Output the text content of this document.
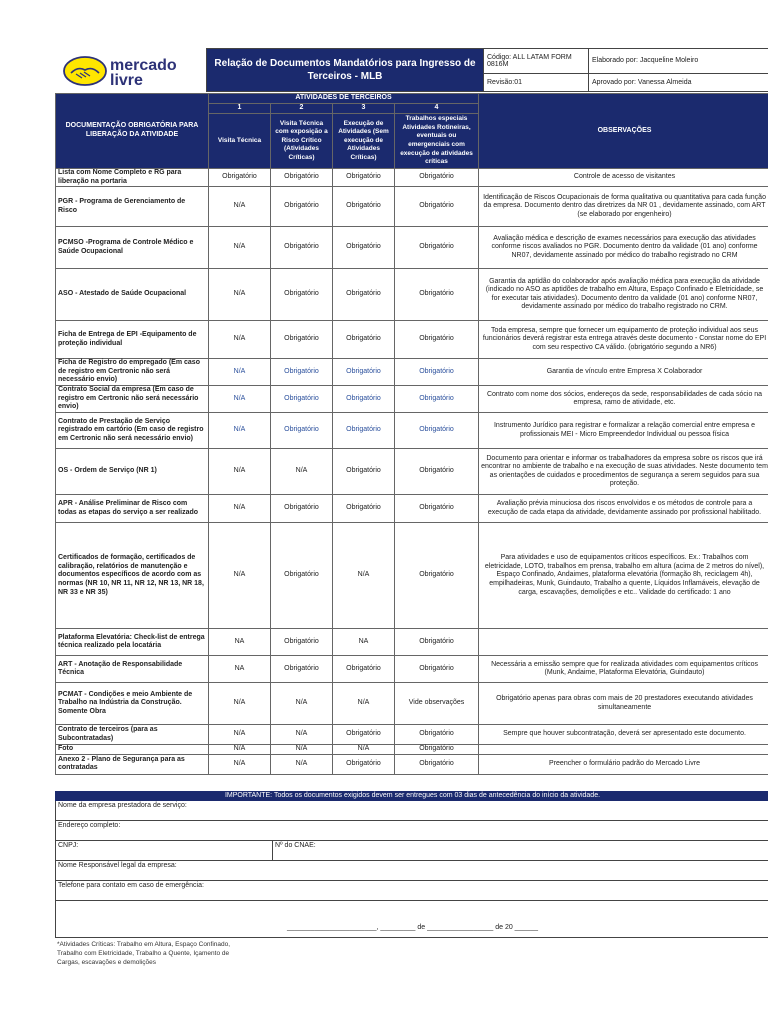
mercado
livre
Relação de Documentos Mandatórios para Ingresso de Terceiros - MLB	Código: ALL LATAM FORM 0816M	Elaborado por: Jacqueline Moleiro
	Revisão:01	Aprovado por: Vanessa Almeida
DOCUMENTAÇÃO OBRIGATÓRIA PARA LIBERAÇÃO DA ATIVIDADE	ATIVIDADES DE TERCEIROS				OBSERVAÇÕES
	1	2	3	4	
	Visita Técnica	Visita Técnica com exposição a Risco Crítico (Atividades Críticas)	Execução de Atividades (Sem execução de Atividades Críticas)	Trabalhos especiais Atividades Rotineiras, eventuais ou emergenciais com execução de atividades críticas	
Lista com Nome Completo e RG para liberação na portaria	Obrigatório	Obrigatório	Obrigatório	Obrigatório	Controle de acesso de visitantes
PGR - Programa de Gerenciamento de Risco	N/A	Obrigatório	Obrigatório	Obrigatório	Identificação de Riscos Ocupacionais de forma qualitativa ou quantitativa para cada função da empresa. Documento dentro das diretrizes da NR 01 , devidamente assinado, com ART (se elaborado por engenheiro)
PCMSO -Programa de Controle Médico e Saúde Ocupacional	N/A	Obrigatório	Obrigatório	Obrigatório	Avaliação médica e descrição de exames necessários para execução das atividades conforme riscos avaliados no PGR. Documento dentro da validade (01 ano) conforme NR07, devidamente assinado por médico do trabalho registrado no CRM
ASO - Atestado de Saúde Ocupacional	N/A	Obrigatório	Obrigatório	Obrigatório	Garantia da aptidão do colaborador após avaliação médica para execução da atividade (indicado no ASO as aptidões de trabalho em Altura, Espaço Confinado e Eletricidade, se for executar tais atividades). Documento dentro da validade (01 ano) conforme NR07, devidamente assinado por médico do trabalho registrado no CRM.
Ficha de Entrega de EPI -Equipamento de proteção individual	N/A	Obrigatório	Obrigatório	Obrigatório	Toda empresa, sempre que fornecer um equipamento de proteção individual aos seus funcionários deverá registrar esta entrega através deste documento - Constar nome do EPI com seu respectivo CA válido. (obrigatório segundo a NR6)
Ficha de Registro do empregado (Em caso de registro em Certronic não será necessário envio)	N/A	Obrigatório	Obrigatório	Obrigatório	Garantia de vínculo entre Empresa X Colaborador
Contrato Social da empresa (Em caso de registro em Certronic não será necessário envio)	N/A	Obrigatório	Obrigatório	Obrigatório	Contrato com nome dos sócios, endereços da sede, responsabilidades de cada sócio na empresa, ramo de atividade, etc.
Contrato de Prestação de Serviço registrado em cartório (Em caso de registro em Certronic não será necessário envio)	N/A	Obrigatório	Obrigatório	Obrigatório	Instrumento Jurídico para registrar e formalizar a relação comercial entre empresa e profissionais MEI - Micro Empreendedor Individual ou pessoa física
OS - Ordem de Serviço (NR 1)	N/A	N/A	Obrigatório	Obrigatório	Documento para orientar e informar os trabalhadores da empresa sobre os riscos que irá encontrar no ambiente de trabalho e na execução de suas atividades. Neste documento tem as orientações de cuidados e procedimentos de segurança a serem seguidos para sua proteção.
APR - Análise Preliminar de Risco com todas as etapas do serviço a ser realizado	N/A	Obrigatório	Obrigatório	Obrigatório	Avaliação prévia minuciosa dos riscos envolvidos e os métodos de controle para a execução de cada etapa da atividade, devidamente assinado por profissional habilitado.
Certificados de formação, certificados de calibração, relatórios de manutenção e documentos específicos de acordo com as normas (NR 10, NR 11, NR 12, NR 13, NR 18, NR 33 e NR 35)	N/A	Obrigatório	N/A	Obrigatório	Para atividades e uso de equipamentos críticos específicos. Ex.: Trabalhos com eletricidade, LOTO, trabalhos em prensa, trabalho em altura (acima de 2 metros do nível), Espaço Confinado, Andaimes, plataforma elevatória (formação 8h, reciclagem 4h), empilhadeiras, Munk, Guindauto, Trabalho a quente, Líquidos Inflamáveis, elevação de carga, escavações, demolições e etc.. Validade do certificado: 1 ano
Plataforma Elevatória: Check-list de entrega técnica realizado pela locatária	NA	Obrigatório	NA	Obrigatório	
ART - Anotação de Responsabilidade Técnica	NA	Obrigatório	Obrigatório	Obrigatório	Necessária a emissão sempre que for realizada atividades com equipamentos críticos (Munk, Andaime, Plataforma Elevatória, Guindauto)
PCMAT - Condições e meio Ambiente de Trabalho na Indústria da Construção. Somente Obra	N/A	N/A	N/A	Vide observações	Obrigatório apenas para obras com mais de 20 prestadores executando atividades simultaneamente
Contrato de terceiros (para as Subcontratadas)	N/A	N/A	Obrigatório	Obrigatório	Sempre que houver subcontratação, deverá ser apresentado este documento.
Foto	N/A	N/A	N/A	Obrigatório	
Anexo 2 - Plano de Segurança para as contratadas	N/A	N/A	Obrigatório	Obrigatório	Preencher o formulário padrão do Mercado Livre
IMPORTANTE: Todos os documentos exigidos devem ser entregues com 03 dias de antecedência do início da atividade.
Nome da empresa prestadora de serviço:
Endereço completo:
CNPJ:	Nº do CNAE:
Nome Responsável legal da empresa:
Telefone para contato em caso de emergência:
_______________________, _________ de _________________ de 20 ______
*Atividades Críticas: Trabalho em Altura, Espaço Confinado, Trabalho com Eletricidade, Trabalho a Quente, Içamento de Cargas, escavações e demolições
